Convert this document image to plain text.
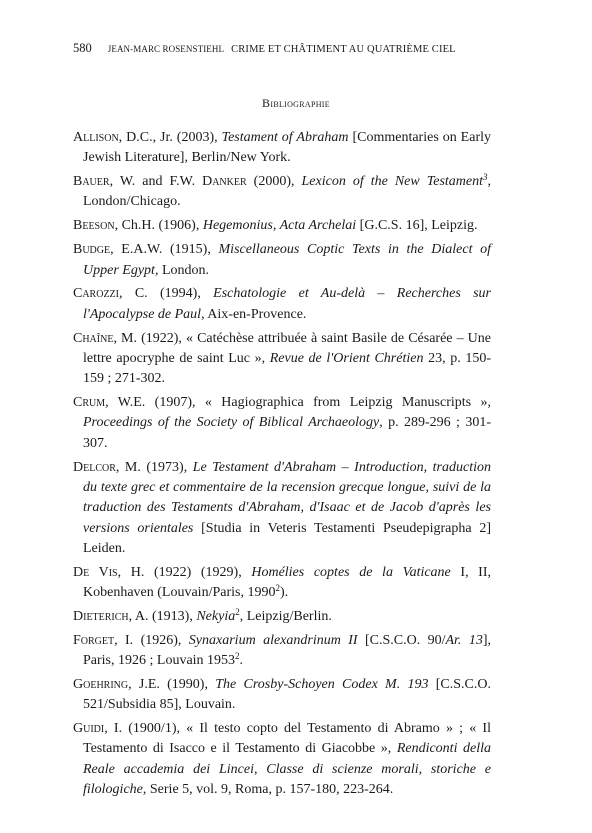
580 JEAN-MARC ROSENSTIEHL CRIME ET CHÂTIMENT AU QUATRIÈME CIEL
Bibliographie

Allison, D.C., Jr. (2003), Testament of Abraham [Commentaries on Early Jewish Literature], Berlin/New York.

Bauer, W. and F.W. Danker (2000), Lexicon of the New Testament$^3$, London/Chicago.

Beeson, Ch.H. (1906), Hegemonius, Acta Archelai [G.C.S. 16], Leipzig.

Budge, E.A.W. (1915), Miscellaneous Coptic Texts in the Dialect of Upper Egypt, London.

Carozzi, C. (1994), Eschatologie et Au-delà – Recherches sur l'Apocalypse de Paul, Aix-en-Provence.

Chaîne, M. (1922), « Catéchèse attribuée à saint Basile de Césarée – Une lettre apocryphe de saint Luc », Revue de l'Orient Chrétien 23, p. 150-159 ; 271-302.

Crum, W.E. (1907), « Hagiographica from Leipzig Manuscripts », Proceedings of the Society of Biblical Archaeology, p. 289-296 ; 301-307.

Delcor, M. (1973), Le Testament d'Abraham – Introduction, traduction du texte grec et commentaire de la recension grecque longue, suivi de la traduction des Testaments d'Abraham, d'Isaac et de Jacob d'après les versions orientales [Studia in Veteris Testamenti Pseudepigrapha 2] Leiden.

De Vis, H. (1922) (1929), Homélies coptes de la Vaticane I, II, Kobenhaven (Louvain/Paris, 1990$^2$).

Dieterich, A. (1913), Nekyia$^2$, Leipzig/Berlin.

Forget, I. (1926), Synaxarium alexandrinum II [C.S.C.O. 90/Ar. 13], Paris, 1926 ; Louvain 1953$^2$.

Goehring, J.E. (1990), The Crosby-Schoyen Codex M. 193 [C.S.C.O. 521/Subsidia 85], Louvain.

Guidi, I. (1900/1), « Il testo copto del Testamento di Abramo » ; « Il Testamento di Isacco e il Testamento di Giacobbe », Rendiconti della Reale accademia dei Lincei, Classe di scienze morali, storiche e filologiche, Serie 5, vol. 9, Roma, p. 157-180, 223-264.
